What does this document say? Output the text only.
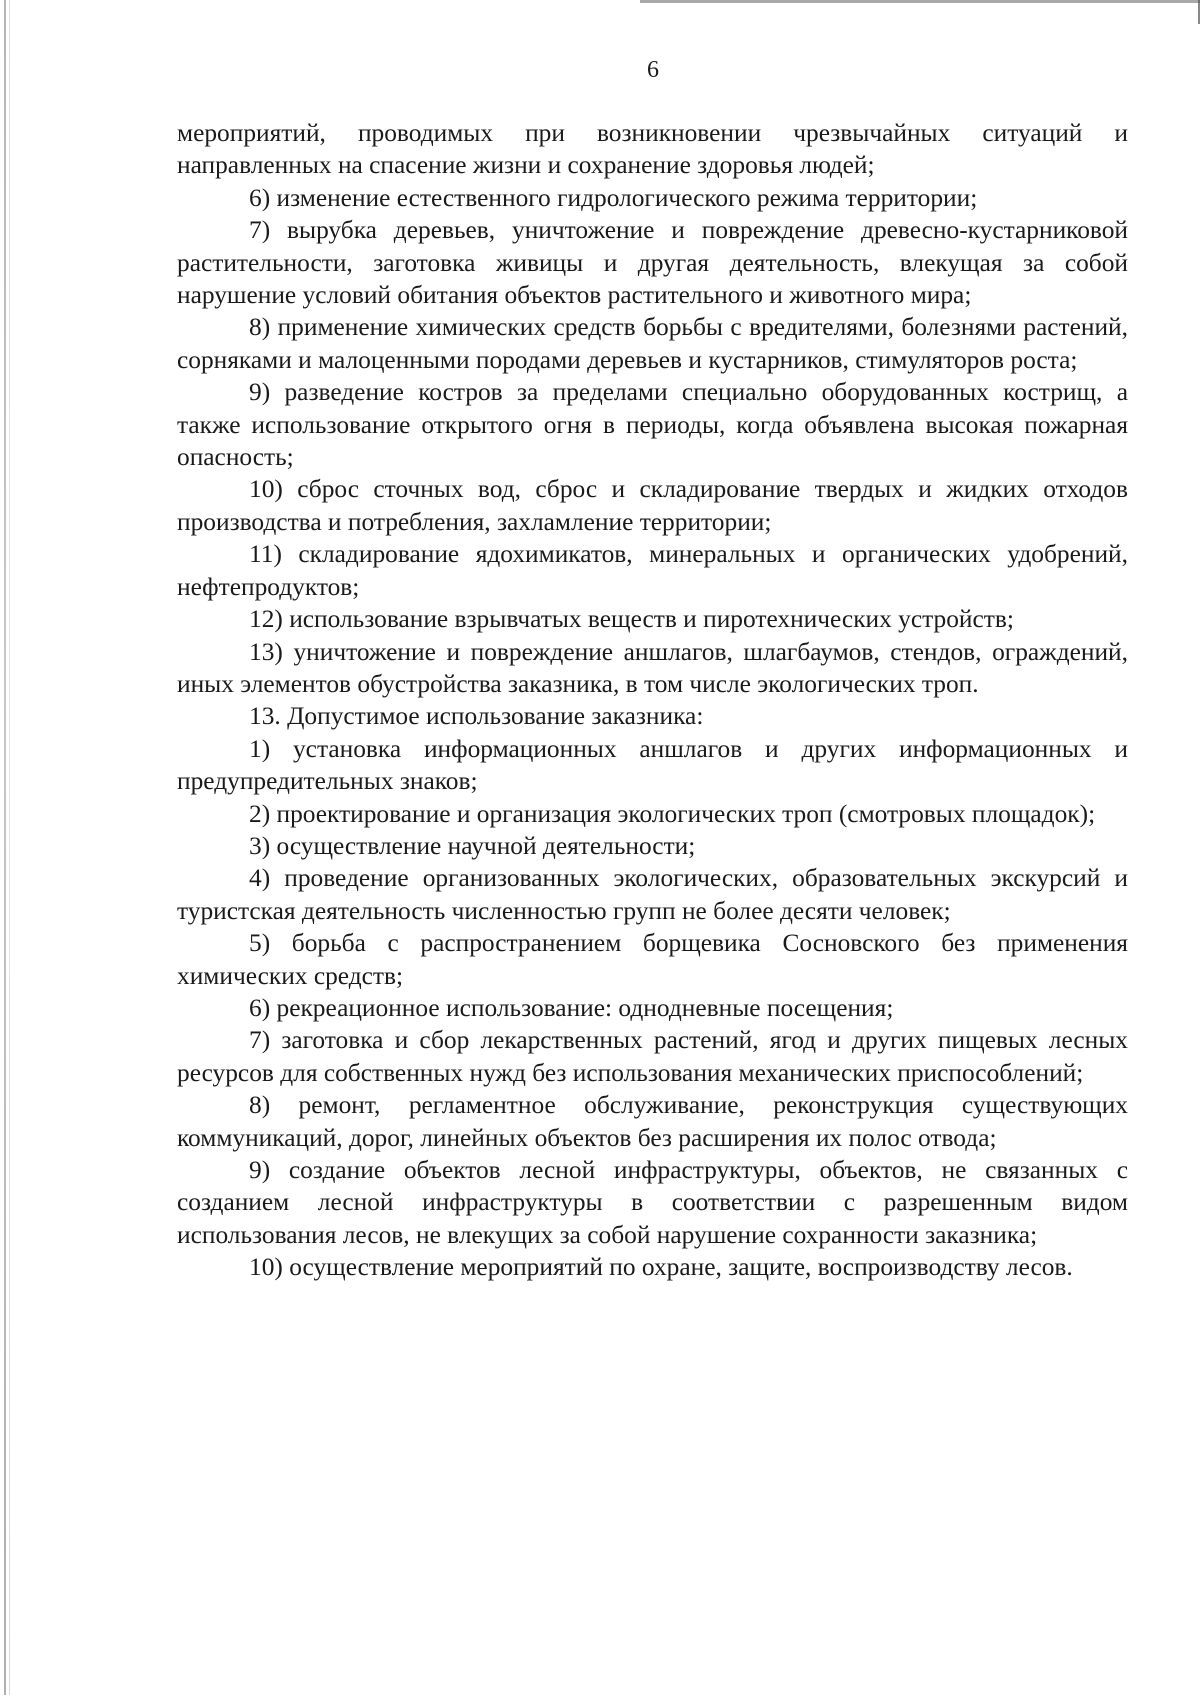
6

мероприятий, проводимых при возникновении чрезвычайных ситуаций и направленных на спасение жизни и сохранение здоровья людей;

6) изменение естественного гидрологического режима территории;

7) вырубка деревьев, уничтожение и повреждение древесно-кустарниковой растительности, заготовка живицы и другая деятельность, влекущая за собой нарушение условий обитания объектов растительного и животного мира;

8) применение химических средств борьбы с вредителями, болезнями растений, сорняками и малоценными породами деревьев и кустарников, стимуляторов роста;

9) разведение костров за пределами специально оборудованных кострищ, а также использование открытого огня в периоды, когда объявлена высокая пожарная опасность;

10) сброс сточных вод, сброс и складирование твердых и жидких отходов производства и потребления, захламление территории;

11) складирование ядохимикатов, минеральных и органических удобрений, нефтепродуктов;

12) использование взрывчатых веществ и пиротехнических устройств;

13) уничтожение и повреждение аншлагов, шлагбаумов, стендов, ограждений, иных элементов обустройства заказника, в том числе экологических троп.

13. Допустимое использование заказника:

1) установка информационных аншлагов и других информационных и предупредительных знаков;

2) проектирование и организация экологических троп (смотровых площадок);

3) осуществление научной деятельности;

4) проведение организованных экологических, образовательных экскурсий и туристская деятельность численностью групп не более десяти человек;

5) борьба с распространением борщевика Сосновского без применения химических средств;

6) рекреационное использование: однодневные посещения;

7) заготовка и сбор лекарственных растений, ягод и других пищевых лесных ресурсов для собственных нужд без использования механических приспособлений;

8) ремонт, регламентное обслуживание, реконструкция существующих коммуникаций, дорог, линейных объектов без расширения их полос отвода;

9) создание объектов лесной инфраструктуры, объектов, не связанных с созданием лесной инфраструктуры в соответствии с разрешенным видом использования лесов, не влекущих за собой нарушение сохранности заказника;

10) осуществление мероприятий по охране, защите, воспроизводству лесов.
